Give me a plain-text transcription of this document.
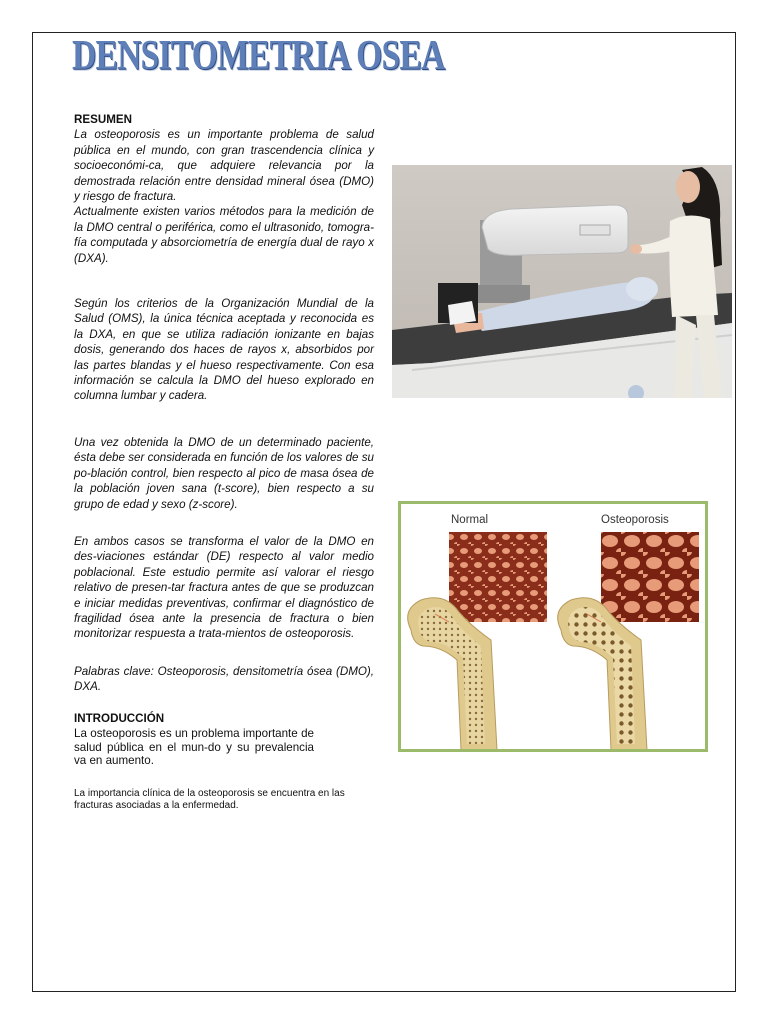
DENSITOMETRIA OSEA
RESUMEN

La osteoporosis es un importante problema de salud pública en el mundo, con gran trascendencia clínica y socioeconómi-ca, que adquiere relevancia por la demostrada relación entre densidad mineral ósea (DMO) y riesgo de fractura.

Actualmente existen varios métodos para la medición de la DMO central o periférica, como el ultrasonido, tomogra-fía computada y absorciometría de energía dual de rayo x (DXA).

Según los criterios de la Organización Mundial de la Salud (OMS), la única técnica aceptada y reconocida es la DXA, en que se utiliza radiación ionizante en bajas dosis, generando dos haces de rayos x, absorbidos por las partes blandas y el hueso respectivamente. Con esa información se calcula la DMO del hueso explorado en columna lumbar y cadera.

Una vez obtenida la DMO de un determinado paciente, ésta debe ser considerada en función de los valores de su po-blación control, bien respecto al pico de masa ósea de la población joven sana (t-score), bien respecto a su grupo de edad y sexo (z-score).

En ambos casos se transforma el valor de la DMO en des-viaciones estándar (DE) respecto al valor medio poblacional. Este estudio permite así valorar el riesgo relativo de presen-tar fractura antes de que se produzcan e iniciar medidas preventivas, confirmar el diagnóstico de fragilidad ósea ante la presencia de fractura o bien monitorizar respuesta a trata-mientos de osteoporosis.

Palabras clave: Osteoporosis, densitometría ósea (DMO), DXA.

INTRODUCCIÓN

La osteoporosis es un problema importante de salud pública en el mun-do y su prevalencia va en aumento.

La importancia clínica de la osteoporosis se encuentra en las fracturas asociadas a la enfermedad.

Normal	Osteoporosis
